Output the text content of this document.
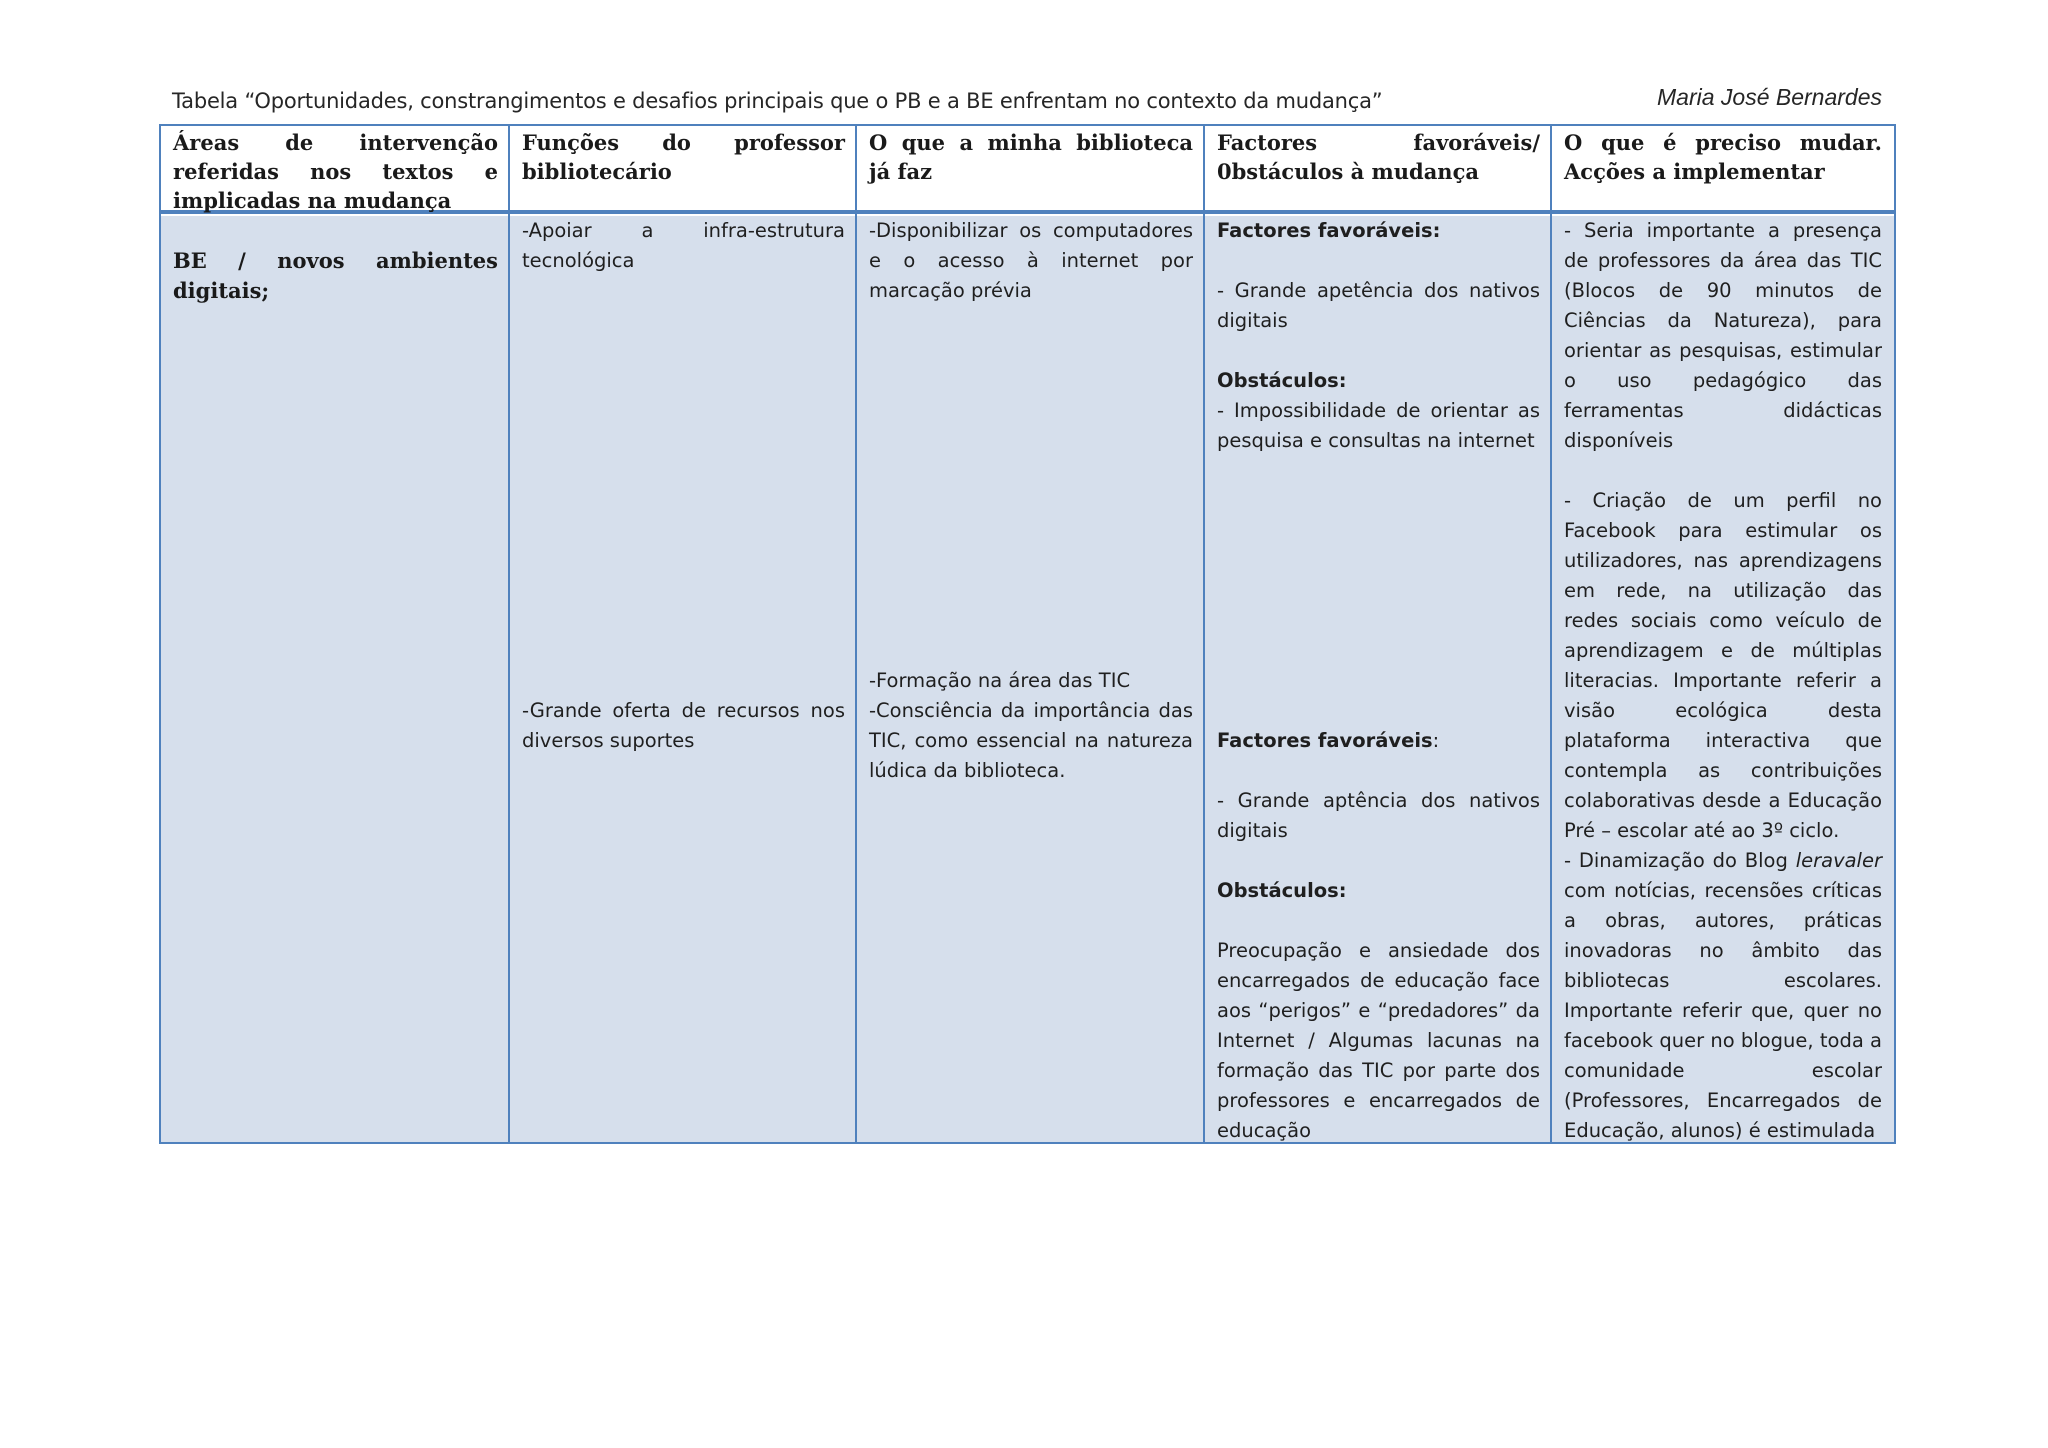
Tabela “Oportunidades, constrangimentos e desafios principais que o PB e a BE enfrentam no contexto da mudança”	Maria José Bernardes
Áreas de intervenção referidas nos textos e implicadas na mudança
Funções do professor bibliotecário
O que a minha biblioteca já faz
Factores favoráveis/ 0bstáculos à mudança
O que é preciso mudar. Acções a implementar
BE / novos ambientes digitais;
-Apoiar a infra-estrutura tecnológica
-Grande oferta de recursos nos diversos suportes
-Disponibilizar os computadores e o acesso à internet por marcação prévia
-Formação na área das TIC
-Consciência da importância das TIC, como essencial na natureza lúdica da biblioteca.
Factores favoráveis:
- Grande apetência dos nativos digitais
Obstáculos:
- Impossibilidade de orientar as pesquisa e consultas na internet
Factores favoráveis:
- Grande aptência dos nativos digitais
Obstáculos:
Preocupação e ansiedade dos encarregados de educação face aos “perigos” e “predadores” da Internet / Algumas lacunas na formação das TIC por parte dos professores e encarregados de educação
- Seria importante a presença de professores da área das TIC (Blocos de 90 minutos de Ciências da Natureza), para orientar as pesquisas, estimular o uso pedagógico das ferramentas didácticas disponíveis
- Criação de um perfil no Facebook para estimular os utilizadores, nas aprendizagens em rede, na utilização das redes sociais como veículo de aprendizagem e de múltiplas literacias. Importante referir a visão ecológica desta plataforma interactiva que contempla as contribuições colaborativas desde a Educação Pré – escolar até ao 3º ciclo.
- Dinamização do Blog leravaler com notícias, recensões críticas a obras, autores, práticas inovadoras no âmbito das bibliotecas escolares. Importante referir que, quer no facebook quer no blogue, toda a comunidade escolar (Professores, Encarregados de Educação, alunos) é estimulada
